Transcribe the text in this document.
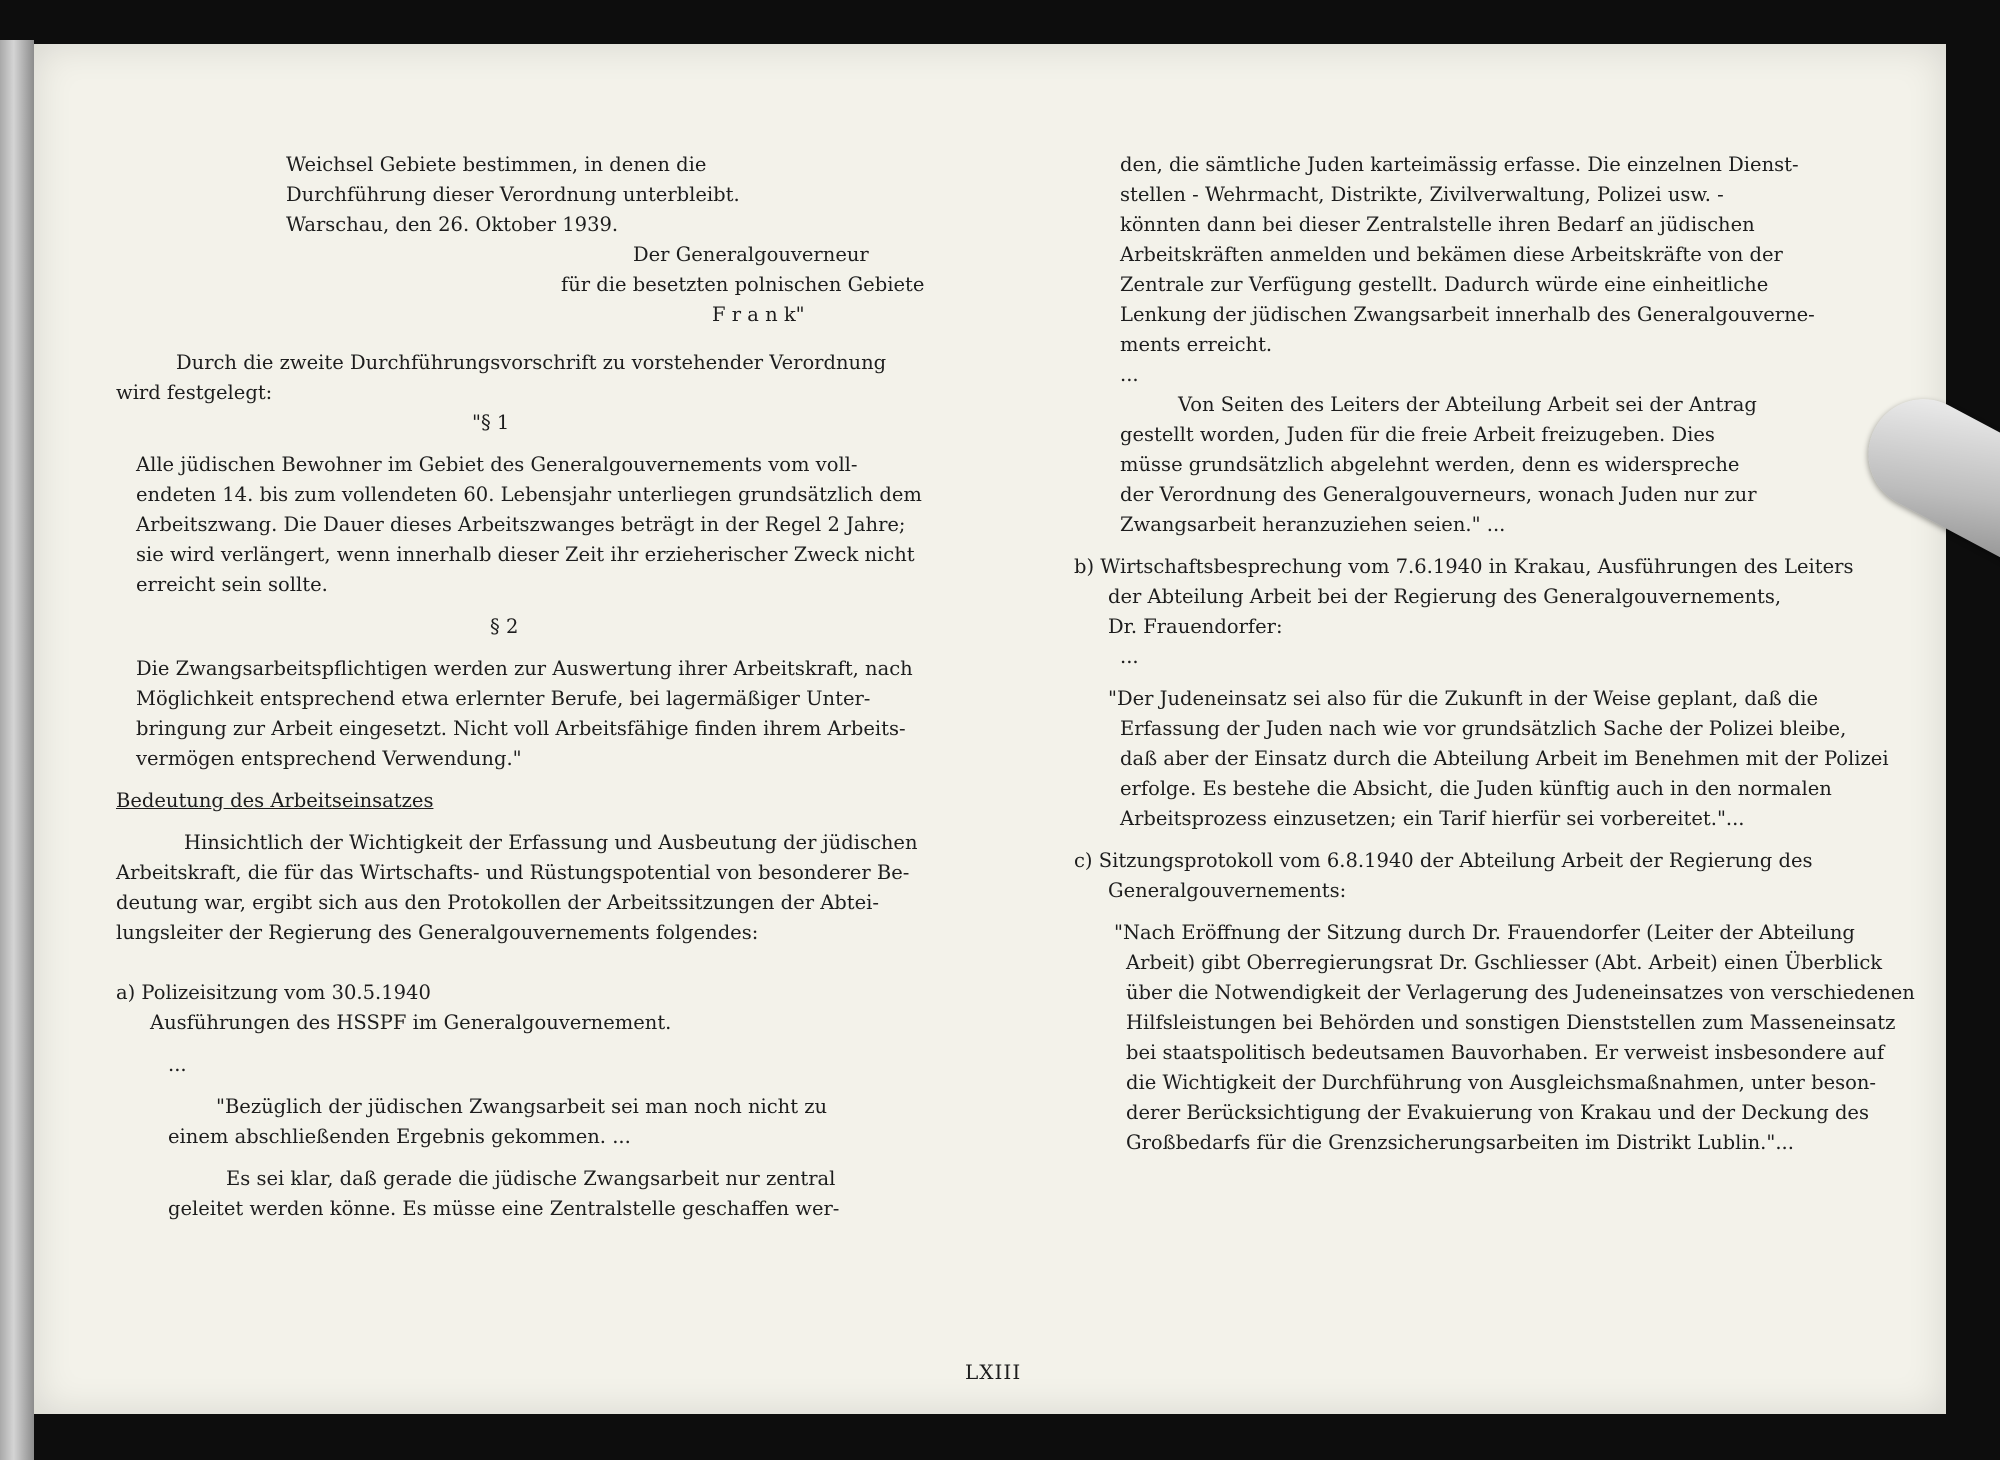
Weichsel Gebiete bestimmen, in denen die
Durchführung dieser Verordnung unterbleibt.
Warschau, den 26. Oktober 1939.
Der Generalgouverneur
für die besetzten polnischen Gebiete
F r a n k"
Durch die zweite Durchführungsvorschrift zu vorstehender Verordnung
wird festgelegt:
"§ 1
Alle jüdischen Bewohner im Gebiet des Generalgouvernements vom voll-
endeten 14. bis zum vollendeten 60. Lebensjahr unterliegen grundsätzlich dem
Arbeitszwang. Die Dauer dieses Arbeitszwanges beträgt in der Regel 2 Jahre;
sie wird verlängert, wenn innerhalb dieser Zeit ihr erzieherischer Zweck nicht
erreicht sein sollte.
§ 2
Die Zwangsarbeitspflichtigen werden zur Auswertung ihrer Arbeitskraft, nach
Möglichkeit entsprechend etwa erlernter Berufe, bei lagermäßiger Unter-
bringung zur Arbeit eingesetzt. Nicht voll Arbeitsfähige finden ihrem Arbeits-
vermögen entsprechend Verwendung."
Bedeutung des Arbeitseinsatzes
Hinsichtlich der Wichtigkeit der Erfassung und Ausbeutung der jüdischen
Arbeitskraft, die für das Wirtschafts- und Rüstungspotential von besonderer Be-
deutung war, ergibt sich aus den Protokollen der Arbeitssitzungen der Abtei-
lungsleiter der Regierung des Generalgouvernements folgendes:
a) Polizeisitzung vom 30.5.1940
Ausführungen des HSSPF im Generalgouvernement.
...
"Bezüglich der jüdischen Zwangsarbeit sei man noch nicht zu
einem abschließenden Ergebnis gekommen. ...
Es sei klar, daß gerade die jüdische Zwangsarbeit nur zentral
geleitet werden könne. Es müsse eine Zentralstelle geschaffen wer-
den, die sämtliche Juden karteimässig erfasse. Die einzelnen Dienst-
stellen - Wehrmacht, Distrikte, Zivilverwaltung, Polizei usw. -
könnten dann bei dieser Zentralstelle ihren Bedarf an jüdischen
Arbeitskräften anmelden und bekämen diese Arbeitskräfte von der
Zentrale zur Verfügung gestellt. Dadurch würde eine einheitliche
Lenkung der jüdischen Zwangsarbeit innerhalb des Generalgouverne-
ments erreicht.
...
Von Seiten des Leiters der Abteilung Arbeit sei der Antrag
gestellt worden, Juden für die freie Arbeit freizugeben. Dies
müsse grundsätzlich abgelehnt werden, denn es widerspreche
der Verordnung des Generalgouverneurs, wonach Juden nur zur
Zwangsarbeit heranzuziehen seien." ...
b) Wirtschaftsbesprechung vom 7.6.1940 in Krakau, Ausführungen des Leiters
der Abteilung Arbeit bei der Regierung des Generalgouvernements,
Dr. Frauendorfer:
...
"Der Judeneinsatz sei also für die Zukunft in der Weise geplant, daß die
Erfassung der Juden nach wie vor grundsätzlich Sache der Polizei bleibe,
daß aber der Einsatz durch die Abteilung Arbeit im Benehmen mit der Polizei
erfolge. Es bestehe die Absicht, die Juden künftig auch in den normalen
Arbeitsprozess einzusetzen; ein Tarif hierfür sei vorbereitet."...
c) Sitzungsprotokoll vom 6.8.1940 der Abteilung Arbeit der Regierung des
Generalgouvernements:
"Nach Eröffnung der Sitzung durch Dr. Frauendorfer (Leiter der Abteilung
Arbeit) gibt Oberregierungsrat Dr. Gschliesser (Abt. Arbeit) einen Überblick
über die Notwendigkeit der Verlagerung des Judeneinsatzes von verschiedenen
Hilfsleistungen bei Behörden und sonstigen Dienststellen zum Masseneinsatz
bei staatspolitisch bedeutsamen Bauvorhaben. Er verweist insbesondere auf
die Wichtigkeit der Durchführung von Ausgleichsmaßnahmen, unter beson-
derer Berücksichtigung der Evakuierung von Krakau und der Deckung des
Großbedarfs für die Grenzsicherungsarbeiten im Distrikt Lublin."...
LXIII
